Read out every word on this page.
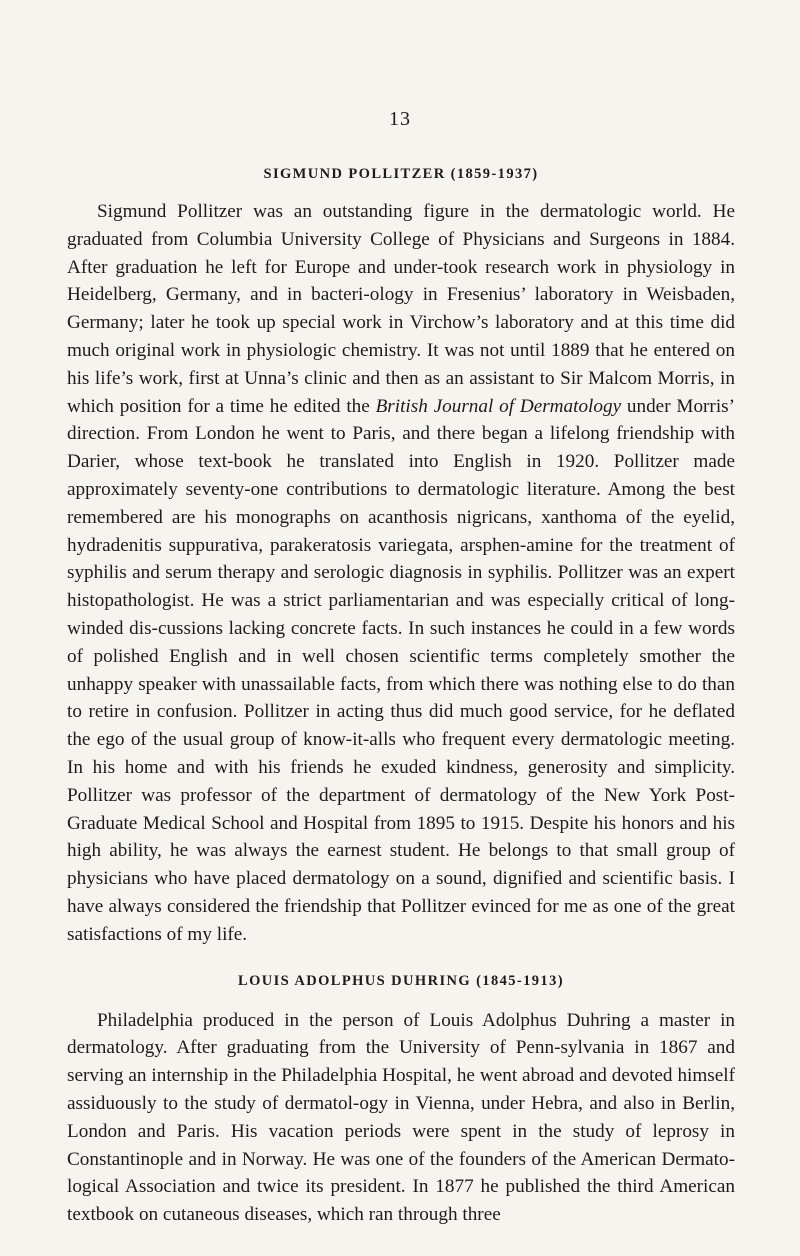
13
SIGMUND POLLITZER (1859-1937)

Sigmund Pollitzer was an outstanding figure in the dermatologic world. He graduated from Columbia University College of Physicians and Surgeons in 1884. After graduation he left for Europe and under-took research work in physiology in Heidelberg, Germany, and in bacteri-ology in Fresenius’ laboratory in Weisbaden, Germany; later he took up special work in Virchow’s laboratory and at this time did much original work in physiologic chemistry. It was not until 1889 that he entered on his life’s work, first at Unna’s clinic and then as an assistant to Sir Malcom Morris, in which position for a time he edited the British Journal of Dermatology under Morris’ direction. From London he went to Paris, and there began a lifelong friendship with Darier, whose text-book he translated into English in 1920. Pollitzer made approximately seventy-one contributions to dermatologic literature. Among the best remembered are his monographs on acanthosis nigricans, xanthoma of the eyelid, hydradenitis suppurativa, parakeratosis variegata, arsphen-amine for the treatment of syphilis and serum therapy and serologic diagnosis in syphilis. Pollitzer was an expert histopathologist. He was a strict parliamentarian and was especially critical of long-winded dis-cussions lacking concrete facts. In such instances he could in a few words of polished English and in well chosen scientific terms completely smother the unhappy speaker with unassailable facts, from which there was nothing else to do than to retire in confusion. Pollitzer in acting thus did much good service, for he deflated the ego of the usual group of know-it-alls who frequent every dermatologic meeting. In his home and with his friends he exuded kindness, generosity and simplicity. Pollitzer was professor of the department of dermatology of the New York Post-Graduate Medical School and Hospital from 1895 to 1915. Despite his honors and his high ability, he was always the earnest student. He belongs to that small group of physicians who have placed dermatology on a sound, dignified and scientific basis. I have always considered the friendship that Pollitzer evinced for me as one of the great satisfactions of my life.

LOUIS ADOLPHUS DUHRING (1845-1913)

Philadelphia produced in the person of Louis Adolphus Duhring a master in dermatology. After graduating from the University of Penn-sylvania in 1867 and serving an internship in the Philadelphia Hospital, he went abroad and devoted himself assiduously to the study of dermatol-ogy in Vienna, under Hebra, and also in Berlin, London and Paris. His vacation periods were spent in the study of leprosy in Constantinople and in Norway. He was one of the founders of the American Dermato-logical Association and twice its president. In 1877 he published the third American textbook on cutaneous diseases, which ran through three
